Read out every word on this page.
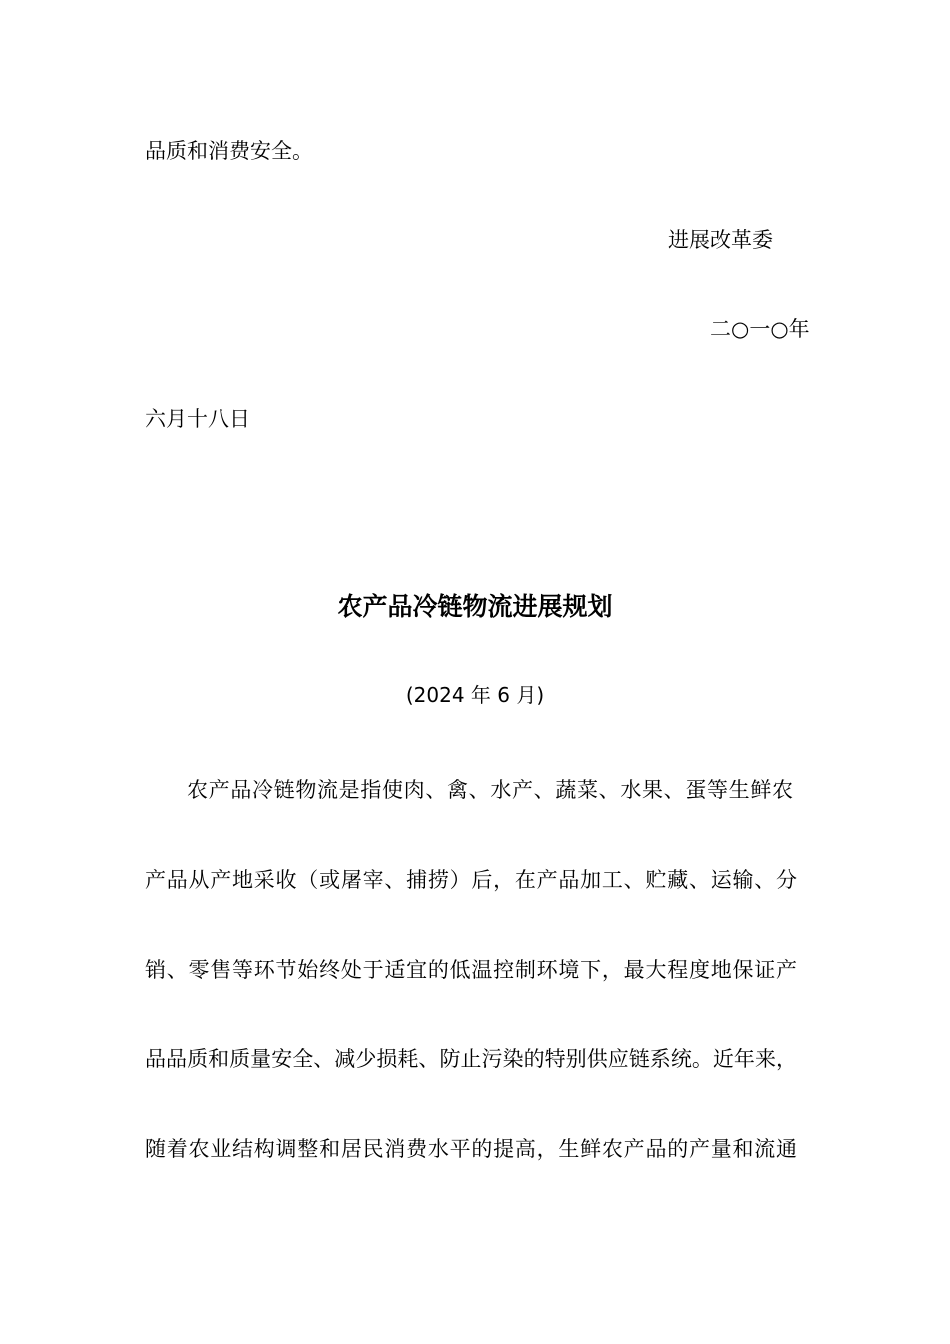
品质和消费安全。
进展改革委
二○一○年
六月十八日
农产品冷链物流进展规划
(2024 年 6 月)
农产品冷链物流是指使肉、禽、水产、蔬菜、水果、蛋等生鲜农
产品从产地采收（或屠宰、捕捞）后，在产品加工、贮藏、运输、分
销、零售等环节始终处于适宜的低温控制环境下，最大程度地保证产
品品质和质量安全、减少损耗、防止污染的特别供应链系统。近年来，
随着农业结构调整和居民消费水平的提高，生鲜农产品的产量和流通
